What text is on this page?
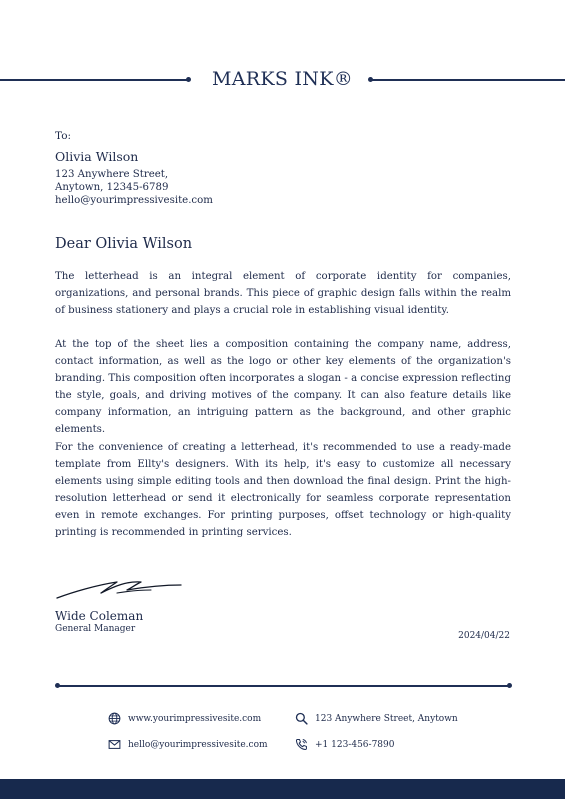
MARKS INK®
To:
Olivia Wilson
123 Anywhere Street,
Anytown, 12345-6789
hello@yourimpressivesite.com
Dear Olivia Wilson
The letterhead is an integral element of corporate identity for companies, organizations, and personal brands. This piece of graphic design falls within the realm of business stationery and plays a crucial role in establishing visual identity.
At the top of the sheet lies a composition containing the company name, address, contact information, as well as the logo or other key elements of the organization's branding. This composition often incorporates a slogan - a concise expression reflecting the style, goals, and driving motives of the company. It can also feature details like company information, an intriguing pattern as the background, and other graphic elements.
For the convenience of creating a letterhead, it's recommended to use a ready-made template from Ellty's designers. With its help, it's easy to customize all necessary elements using simple editing tools and then download the final design. Print the high-resolution letterhead or send it electronically for seamless corporate representation even in remote exchanges. For printing purposes, offset technology or high-quality printing is recommended in printing services.
Wide Coleman
General Manager
2024/04/22
www.yourimpressivesite.com	123 Anywhere Street, Anytown
hello@yourimpressivesite.com	+1 123-456-7890
